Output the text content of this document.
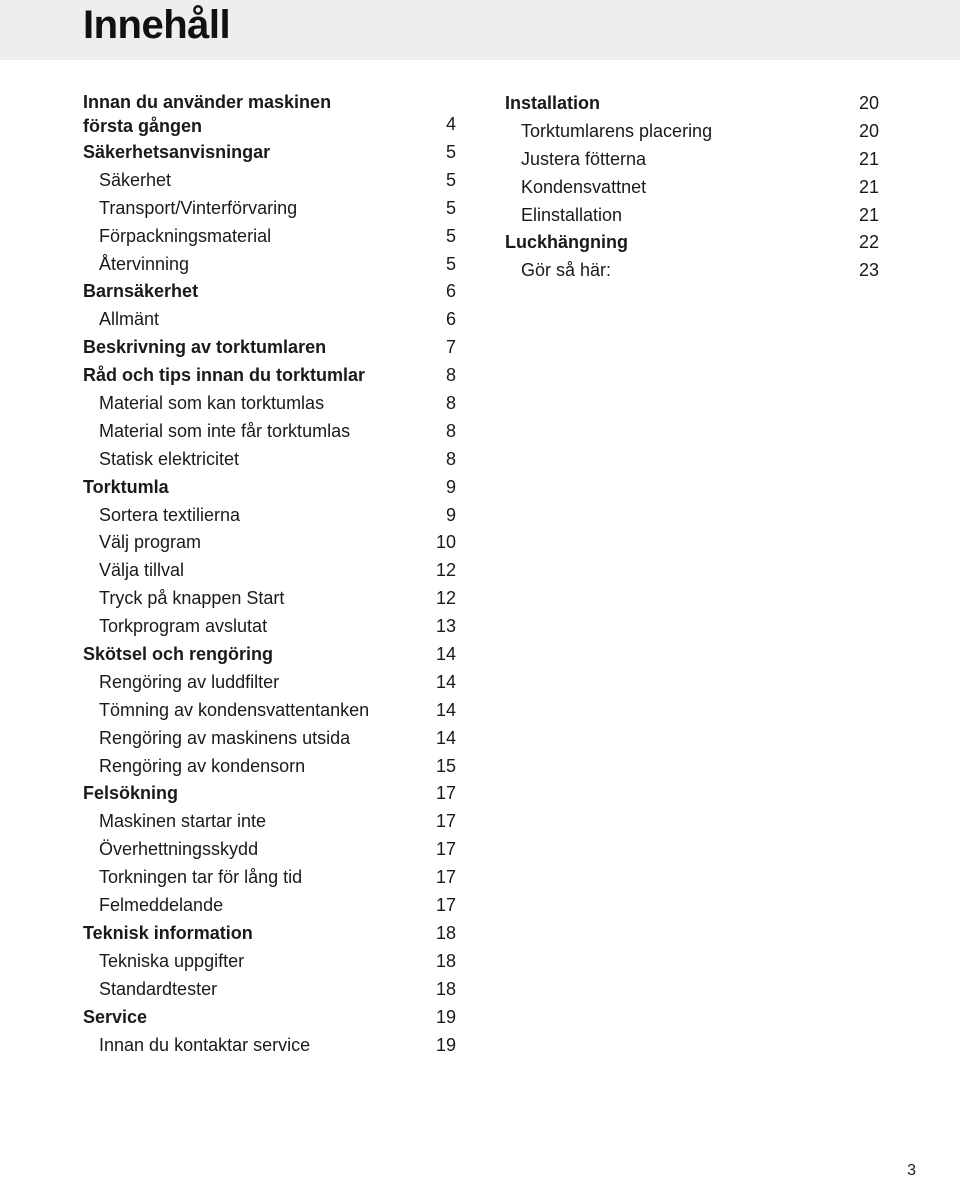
Innehåll
Innan du använder maskinen
första gången	4
Säkerhetsanvisningar	5
Säkerhet	5
Transport/Vinterförvaring	5
Förpackningsmaterial	5
Återvinning	5
Barnsäkerhet	6
Allmänt	6
Beskrivning av torktumlaren	7
Råd och tips innan du torktumlar	8
Material som kan torktumlas	8
Material som inte får torktumlas	8
Statisk elektricitet	8
Torktumla	9
Sortera textilierna	9
Välj program	10
Välja tillval	12
Tryck på knappen Start	12
Torkprogram avslutat	13
Skötsel och rengöring	14
Rengöring av luddfilter	14
Tömning av kondensvattentanken	14
Rengöring av maskinens utsida	14
Rengöring av kondensorn	15
Felsökning	17
Maskinen startar inte	17
Överhettningsskydd	17
Torkningen tar för lång tid	17
Felmeddelande	17
Teknisk information	18
Tekniska uppgifter	18
Standardtester	18
Service	19
Innan du kontaktar service	19
Installation	20
Torktumlarens placering	20
Justera fötterna	21
Kondensvattnet	21
Elinstallation	21
Luckhängning	22
Gör så här:	23
3
